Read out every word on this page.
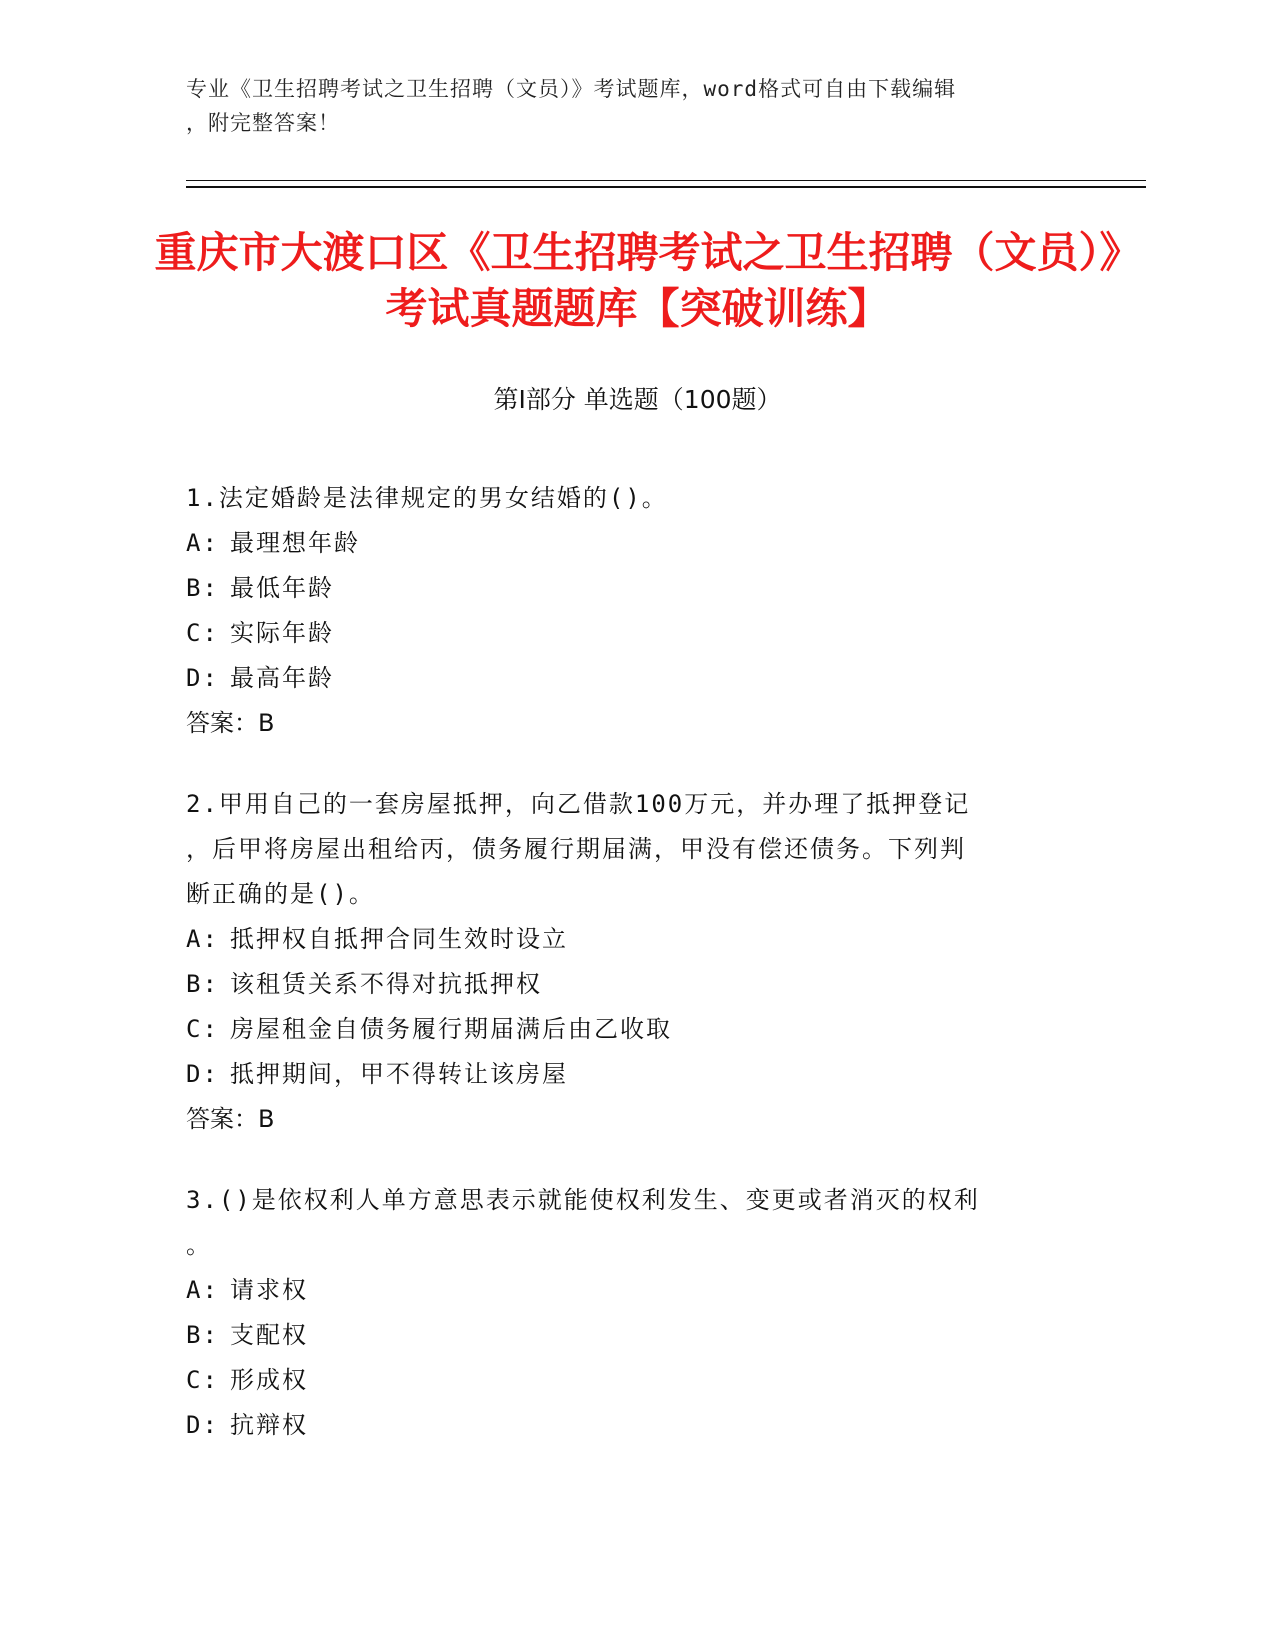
专业《卫生招聘考试之卫生招聘（文员）》考试题库，word格式可自由下载编辑
，附完整答案！
重庆市大渡口区《卫生招聘考试之卫生招聘（文员）》考试真题题库【突破训练】
第Ⅰ部分 单选题（100题）
1.法定婚龄是法律规定的男女结婚的()。
A: 最理想年龄
B: 最低年龄
C: 实际年龄
D: 最高年龄
答案：B
2.甲用自己的一套房屋抵押，向乙借款100万元，并办理了抵押登记
，后甲将房屋出租给丙，债务履行期届满，甲没有偿还债务。下列判
断正确的是()。
A: 抵押权自抵押合同生效时设立
B: 该租赁关系不得对抗抵押权
C: 房屋租金自债务履行期届满后由乙收取
D: 抵押期间，甲不得转让该房屋
答案：B
3.()是依权利人单方意思表示就能使权利发生、变更或者消灭的权利
。
A: 请求权
B: 支配权
C: 形成权
D: 抗辩权
